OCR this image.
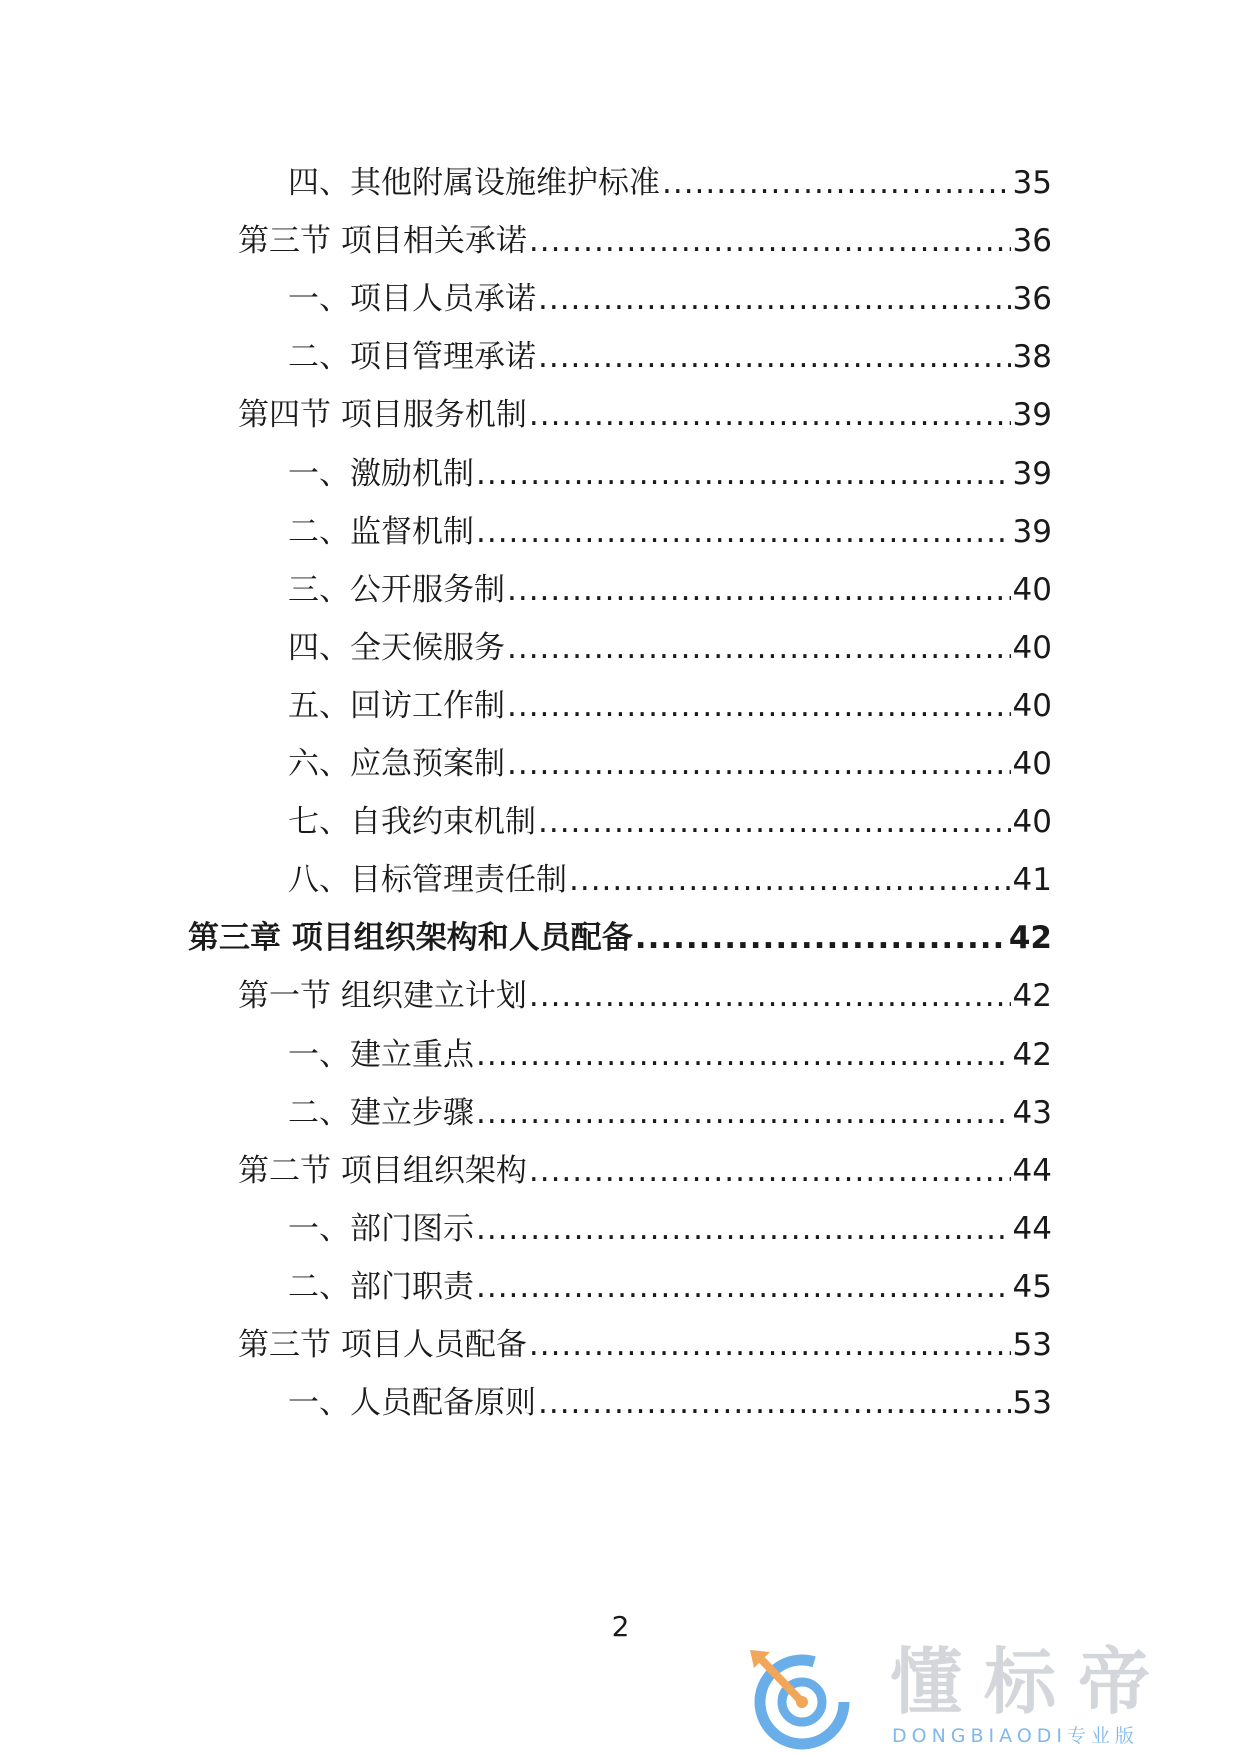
四、其他附属设施维护标准 .....	35
第三节 项目相关承诺 .....	36
一、项目人员承诺 .....	36
二、项目管理承诺 .....	38
第四节 项目服务机制 .....	39
一、激励机制 .....	39
二、监督机制 .....	39
三、公开服务制 .....	40
四、全天候服务 .....	40
五、回访工作制 .....	40
六、应急预案制 .....	40
七、自我约束机制 .....	40
八、目标管理责任制 .....	41
第三章 项目组织架构和人员配备 .....	42
第一节 组织建立计划 .....	42
一、建立重点 .....	42
二、建立步骤 .....	43
第二节 项目组织架构 .....	44
一、部门图示 .....	44
二、部门职责 .....	45
第三节 项目人员配备 .....	53
一、人员配备原则 .....	53
2
懂标帝
DONGBIAODI专业版
